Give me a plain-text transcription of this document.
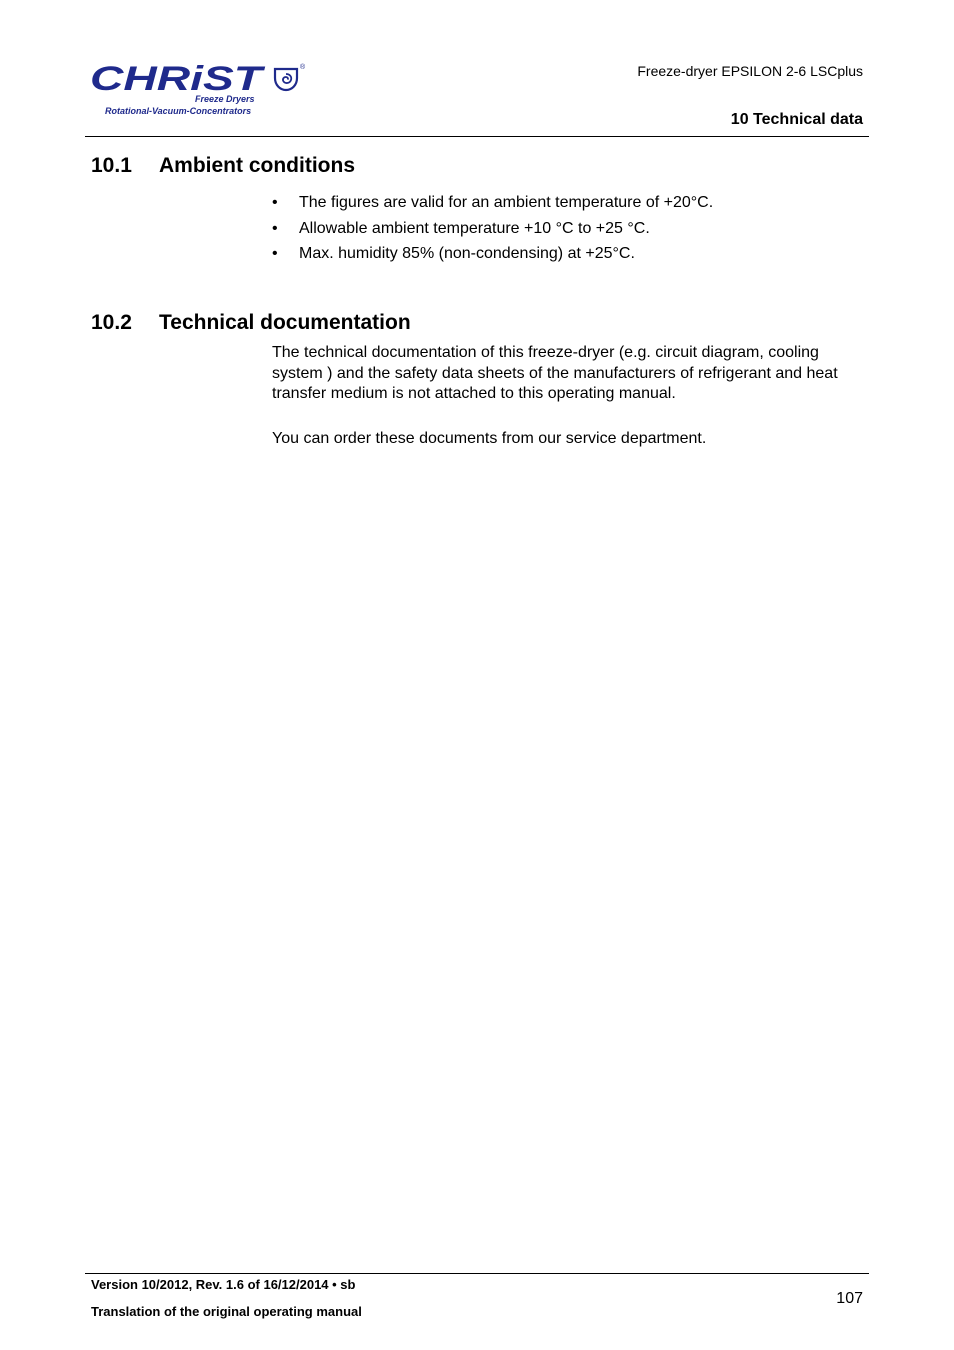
CHRiST	®
Freeze Dryers
Rotational-Vacuum-Concentrators
Freeze-dryer EPSILON 2-6 LSCplus
10 Technical data
10.1 Ambient conditions
• The figures are valid for an ambient temperature of +20°C.
• Allowable ambient temperature +10 °C to +25 °C.
• Max. humidity 85% (non-condensing) at +25°C.
10.2 Technical documentation

The technical documentation of this freeze-dryer (e.g. circuit diagram, cooling system ) and the safety data sheets of the manufacturers of refrigerant and heat transfer medium is not attached to this operating manual.

You can order these documents from our service department.

Version 10/2012, Rev. 1.6 of 16/12/2014 • sb
Translation of the original operating manual
107
